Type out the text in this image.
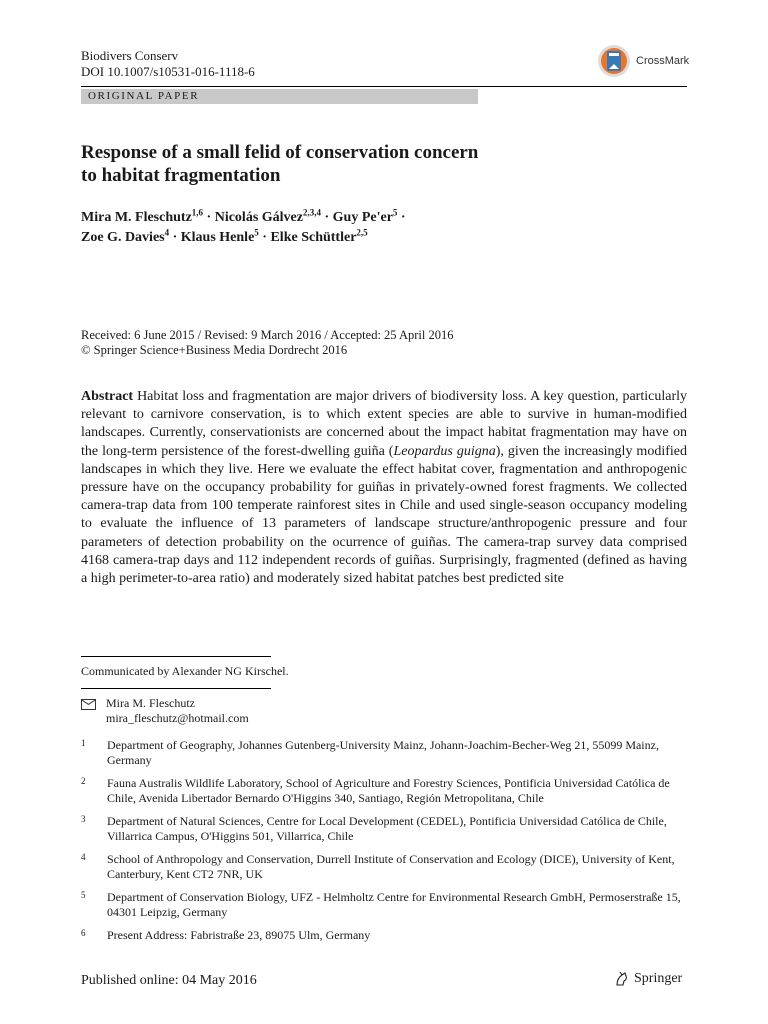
Biodivers Conserv
DOI 10.1007/s10531-016-1118-6
CrossMark
ORIGINAL PAPER
Response of a small felid of conservation concern
to habitat fragmentation
Mira M. Fleschutz$^{1,6}$ · Nicolás Gálvez$^{2,3,4}$ · Guy $Pe'er^5$ ·
Zoe G. Davies$^4$ · Klaus Henle$^5$ · Elke Schüttler$^{2,5}$
Received: 6 June 2015 / Revised: 9 March 2016 / Accepted: 25 April 2016
© Springer Science+Business Media Dordrecht 2016
Abstract Habitat loss and fragmentation are major drivers of biodiversity loss. A key question, particularly relevant to carnivore conservation, is to which extent species are able to survive in human-modified landscapes. Currently, conservationists are concerned about the impact habitat fragmentation may have on the long-term persistence of the forest-dwelling guiña (Leopardus guigna), given the increasingly modified landscapes in which they live. Here we evaluate the effect habitat cover, fragmentation and anthropogenic pressure have on the occupancy probability for guiñas in privately-owned forest fragments. We collected camera-trap data from 100 temperate rainforest sites in Chile and used single-season occupancy modeling to evaluate the influence of 13 parameters of landscape structure/anthropogenic pressure and four parameters of detection probability on the ocurrence of guiñas. The camera-trap survey data comprised 4168 camera-trap days and 112 independent records of guiñas. Surprisingly, fragmented (defined as having a high perimeter-to-area ratio) and moderately sized habitat patches best predicted site
Communicated by Alexander NG Kirschel.
Mira M. Fleschutz
mira_fleschutz@hotmail.com
1	Department of Geography, Johannes Gutenberg-University Mainz, Johann-Joachim-Becher-Weg 21, 55099 Mainz, Germany
2	Fauna Australis Wildlife Laboratory, School of Agriculture and Forestry Sciences, Pontificia Universidad Católica de Chile, Avenida Libertador Bernardo O'Higgins 340, Santiago, Región Metropolitana, Chile
3	Department of Natural Sciences, Centre for Local Development (CEDEL), Pontificia Universidad Católica de Chile, Villarrica Campus, O'Higgins 501, Villarrica, Chile
4	School of Anthropology and Conservation, Durrell Institute of Conservation and Ecology (DICE), University of Kent, Canterbury, Kent CT2 7NR, UK
5	Department of Conservation Biology, UFZ - Helmholtz Centre for Environmental Research GmbH, Permoserstraße 15, 04301 Leipzig, Germany
6	Present Address: Fabristraße 23, 89075 Ulm, Germany
Published online: 04 May 2016	Springer
